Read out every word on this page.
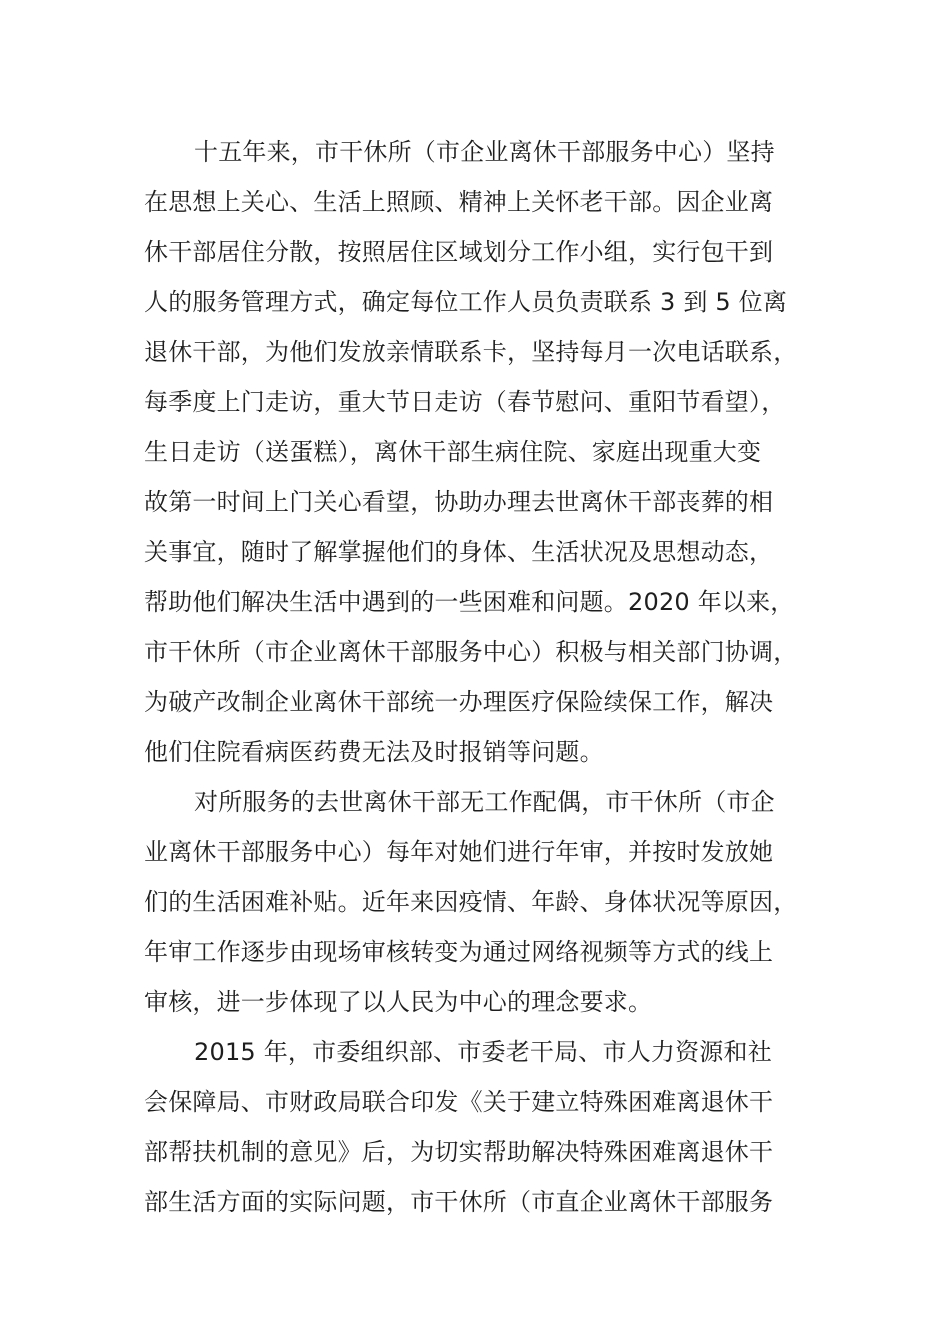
十五年来，市干休所（市企业离休干部服务中心）坚持
在思想上关心、生活上照顾、精神上关怀老干部。因企业离
休干部居住分散，按照居住区域划分工作小组，实行包干到
人的服务管理方式，确定每位工作人员负责联系 3 到 5 位离
退休干部，为他们发放亲情联系卡，坚持每月一次电话联系，
每季度上门走访，重大节日走访（春节慰问、重阳节看望），
生日走访（送蛋糕），离休干部生病住院、家庭出现重大变
故第一时间上门关心看望，协助办理去世离休干部丧葬的相
关事宜，随时了解掌握他们的身体、生活状况及思想动态，
帮助他们解决生活中遇到的一些困难和问题。2020 年以来，
市干休所（市企业离休干部服务中心）积极与相关部门协调，
为破产改制企业离休干部统一办理医疗保险续保工作，解决
他们住院看病医药费无法及时报销等问题。
对所服务的去世离休干部无工作配偶，市干休所（市企
业离休干部服务中心）每年对她们进行年审，并按时发放她
们的生活困难补贴。近年来因疫情、年龄、身体状况等原因，
年审工作逐步由现场审核转变为通过网络视频等方式的线上
审核，进一步体现了以人民为中心的理念要求。
2015 年，市委组织部、市委老干局、市人力资源和社
会保障局、市财政局联合印发《关于建立特殊困难离退休干
部帮扶机制的意见》后，为切实帮助解决特殊困难离退休干
部生活方面的实际问题，市干休所（市直企业离休干部服务
